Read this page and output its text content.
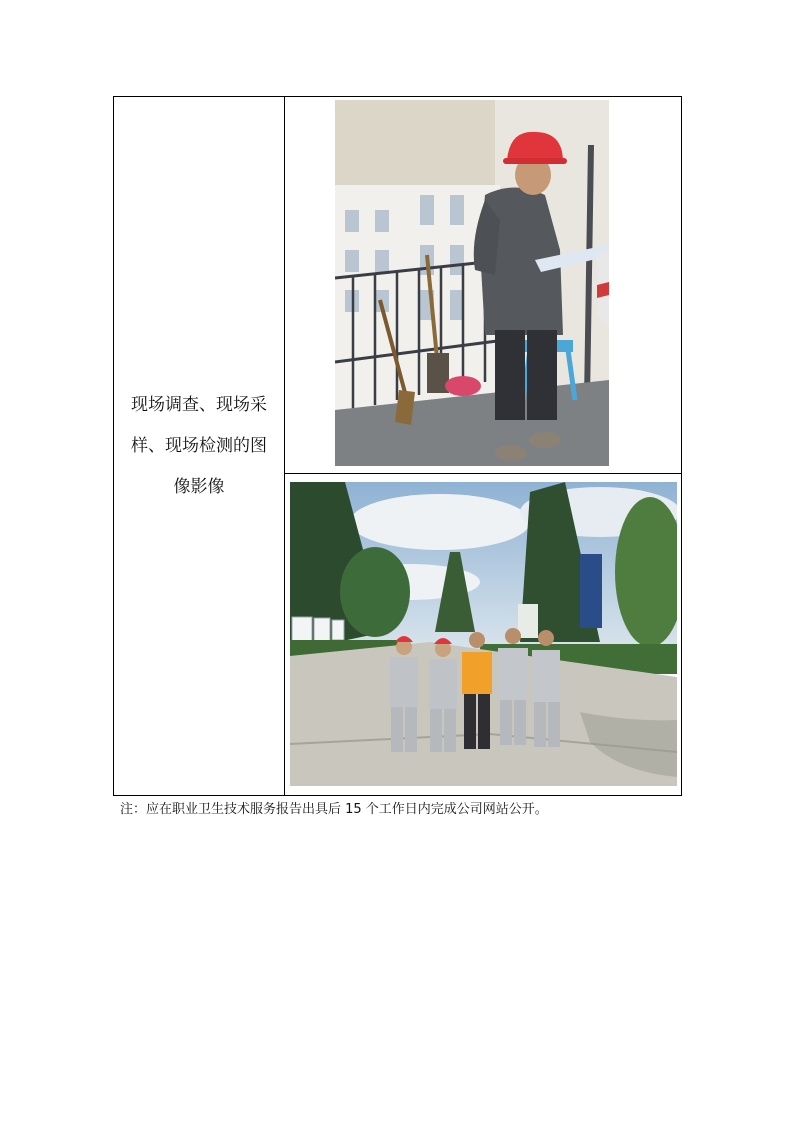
现场调查、现场采
样、现场检测的图
像影像
注：应在职业卫生技术服务报告出具后 15 个工作日内完成公司网站公开。
